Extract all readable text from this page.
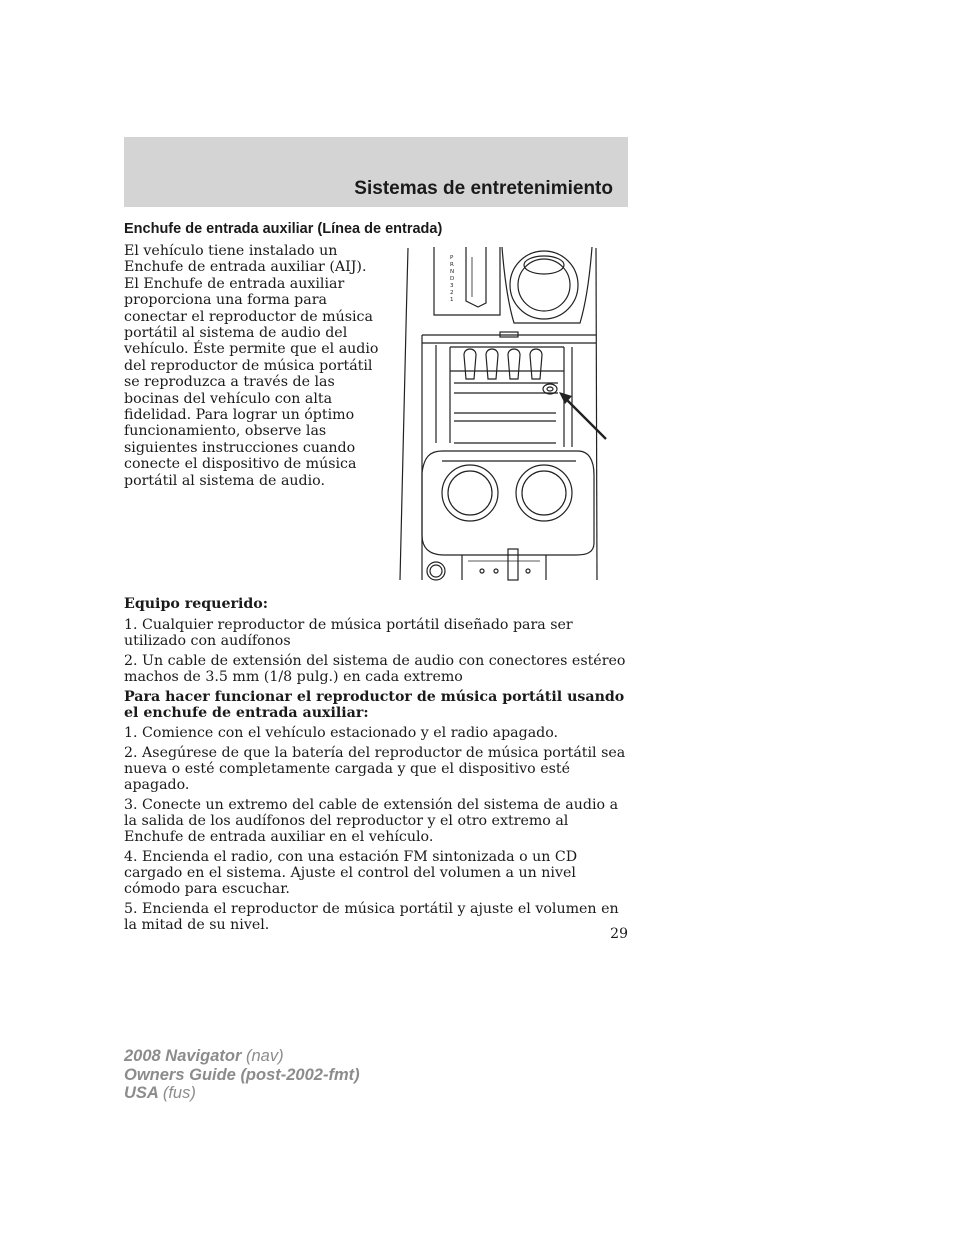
Sistemas de entretenimiento
Enchufe de entrada auxiliar (Línea de entrada)

El vehículo tiene instalado un Enchufe de entrada auxiliar (AIJ). El Enchufe de entrada auxiliar proporciona una forma para conectar el reproductor de música portátil al sistema de audio del vehículo. Éste permite que el audio del reproductor de música portátil se reproduzca a través de las bocinas del vehículo con alta fidelidad. Para lograr un óptimo funcionamiento, observe las siguientes instrucciones cuando conecte el dispositivo de música portátil al sistema de audio.

P
R
N
D
3
2
1

Equipo requerido:

1. Cualquier reproductor de música portátil diseñado para ser utilizado con audífonos

2. Un cable de extensión del sistema de audio con conectores estéreo machos de 3.5 mm (1/8 pulg.) en cada extremo

Para hacer funcionar el reproductor de música portátil usando el enchufe de entrada auxiliar:

1. Comience con el vehículo estacionado y el radio apagado.

2. Asegúrese de que la batería del reproductor de música portátil sea nueva o esté completamente cargada y que el dispositivo esté apagado.

3. Conecte un extremo del cable de extensión del sistema de audio a la salida de los audífonos del reproductor y el otro extremo al Enchufe de entrada auxiliar en el vehículo.

4. Encienda el radio, con una estación FM sintonizada o un CD cargado en el sistema. Ajuste el control del volumen a un nivel cómodo para escuchar.

5. Encienda el reproductor de música portátil y ajuste el volumen en la mitad de su nivel.

29
2008 Navigator (nav)
Owners Guide (post-2002-fmt)
USA (fus)
